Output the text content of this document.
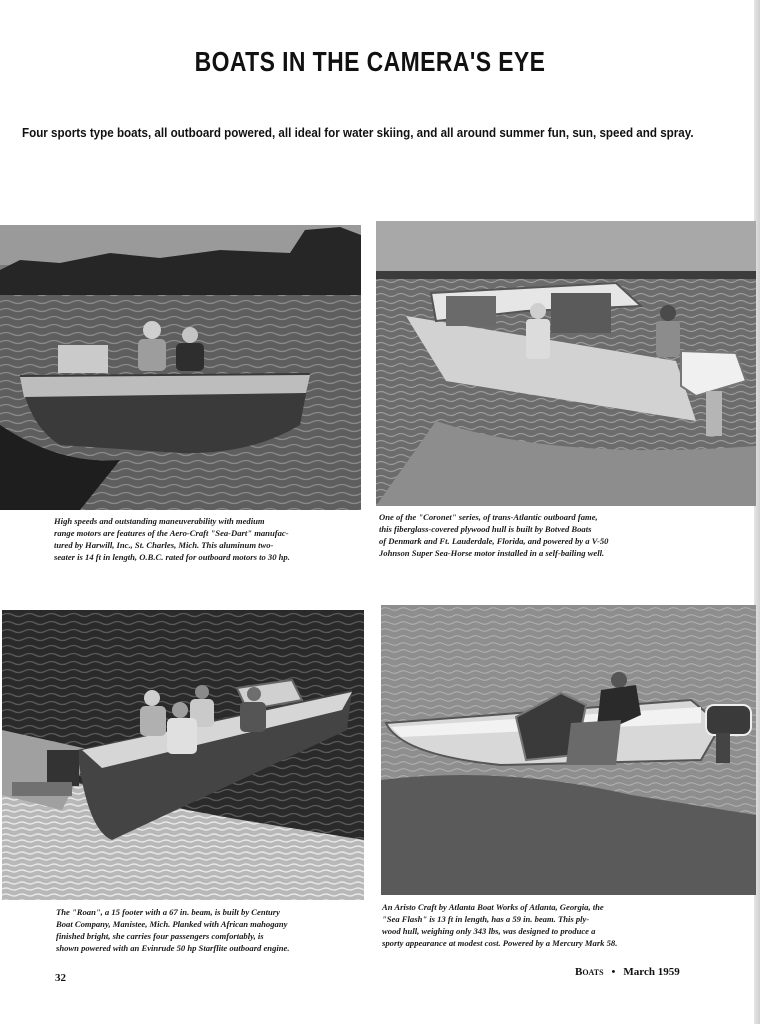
BOATS IN THE CAMERA'S EYE
Four sports type boats, all outboard powered, all ideal for water skiing, and all around summer fun, sun, speed and spray.
High speeds and outstanding maneuverability with medium
range motors are features of the Aero-Craft "Sea-Dart" manufac-
tured by Harwill, Inc., St. Charles, Mich. This aluminum two-
seater is 14 ft in length, O.B.C. rated for outboard motors to 30 hp.
One of the "Coronet" series, of trans-Atlantic outboard fame,
this fiberglass-covered plywood hull is built by Botved Boats
of Denmark and Ft. Lauderdale, Florida, and powered by a V-50
Johnson Super Sea-Horse motor installed in a self-bailing well.
The "Roan", a 15 footer with a 67 in. beam, is built by Century
Boat Company, Manistee, Mich. Planked with African mahogany
finished bright, she carries four passengers comfortably, is
shown powered with an Evinrude 50 hp Starflite outboard engine.
An Aristo Craft by Atlanta Boat Works of Atlanta, Georgia, the
"Sea Flash" is 13 ft in length, has a 59 in. beam. This ply-
wood hull, weighing only 343 lbs, was designed to produce a
sporty appearance at modest cost. Powered by a Mercury Mark 58.
32	Boats • March 1959
